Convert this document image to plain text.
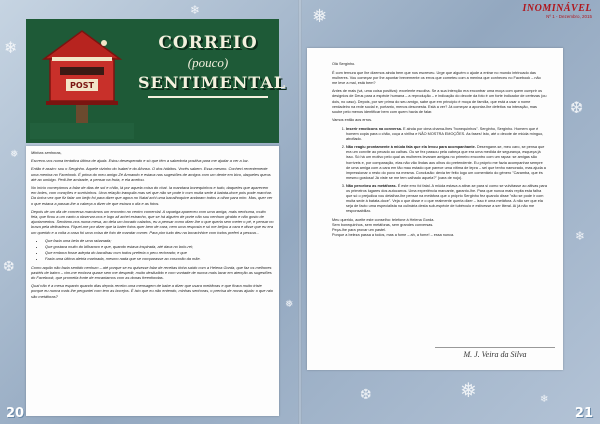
❄
❅
❆
❄	❅
❆
❄
❅
❆	❄
❅
INOMINÁVEL
Nº 1 - Dezembro, 2015
POST
CORREIO
(pouco)
SENTIMENTAL

Minhas senhoras,

Escrevo-vos numa tentativa última de ajuda. Estou desesperado e só que têm a sabedoria positiva para me ajudar a ver a luz.

Então é assim: sou o Serginho. Aquele vizinho do Isabel e do Afonso. O dos hábitos. Vocês sabem. Essa mesmo. Conheci recentemente uma menina no Facebook. É prima do meu amigo Zé Armando e estava nas sugestões de amigos com um dente em bico, daqueles queus até ao umbigo. Pedi-lhe amizade, a pensar na fruta, e ela aceitou.

No início começámos a falar de dias de sol e chão, lá por aquela coisa do chat. Ia mandava bonequinhos e tudo, daqueles que aparecem em boles, com corações e sorrisinhos. Uma relação tranquila mas sei que não se pode ir com muita sede à batata-doce pois pode marchar. Da única vez que fiz falar um beijo foi para dizer que agora no Natal achi uma bacalhoquice andaram todos a olhar para mim. Mas, quer ver o que estava a passar-lhe a cabeça a dizer de que estava o dia e as fotos.

Depois de um dia de conversa marcámos um encontro no centro comercial. A rapariga apareceu com uma amiga, mais nenhuma, muito feia, que ficou a um canto a observar-nos e logo ali achei estranho, que se há alguém de porte não sou nenhum giraldo e não gosto de ajuntamentos. Sentámo-nos numa mesa, ao dela um bocado calados, eu a pensar como dizer-lhe o que queria sem meter o pé, e pensar no brava pela delicadeza. Fiquei-me por dizer que ia bater fotos quer bem de cara, nem uma resposta e só me beijou a cara e disse que eu era um querido e a volta a casa foi uma coisa de foto de mandar comer. Para pior tudo deu na bocarinhice com todos preferi a pessoa...

• Que fazia uma bela de uma rabanada;
• Que gostava muito do bilharaco e que, quando estava inspirada, até dava no bolo-rei;
• Que embora fosse adepta do bacalhau com todos preferia o peru recheado; e que
• Fazia uma última aletria marinada, mesmo nada que se comparasse ao coscorão da mãe.

Como aquilo não fazia sentido nenhum – até porque se eu quisesse falar de receitas tinha saído com a Helena Gorda, que faz os melhores pastéis de bairro – vim-me embora quase sem me despedir, muito desiludido e com vontade de nunca mais lavar em atenção as sugestões do Facebook, que prometia fonte de encantamos com as donas freenfondas.

Qual não é a mesa espanto quando dias depois recebo uma mensagem de babe a dizer que usara metáforas e que ficara muito triste porque eu nunca mais lhe perguntei com tem as bocejos. É isto que eu não entendo, minhas senhoras, o precisa de novas ajuda: o que raio são metáforas?

Olá Serginho.

É com ternura que lhe dizemos ainda bem que nos escreveu. Urge que alguém o ajude a entrar no mundo intrincado das mulheres. Vou começar por lhe apontar brevemente os erros que cometeu com a menina que conheceu no Facebook – não me leve a mal, está bem?

Antes de mais (vá, uma coisa positiva): excelente escolha. Se a sua intenção era encontrar uma moça com quem cumprir os desígnios de Deus para a espécie humana – a reprodução – e indicação do decote da foto é um forte indicador de certezas (ou dois, no caso). Depois, por ser prima do seu amigo, sabe que em princípio é moça de família, que está a usar o nome verdadeiro na rede social e, portanto, menos desonesta. Está a ver? Já começar a apontar-lhe defeitos na interação, mas soube pelo menos identificar bem com quem havia de falar.

Vamos então aos erros.

1. Inserir emoticons na conversa. E ainda por cima chama-lhes "bonequinhos". Serginho, Serginho. Homem que é homem copia para o chão, coça a virilha e NÃO MOSTRA EMOÇÕES. As fases! Isto, até o decote de miúda mínguo, atrofiado.
2. Não reagiu prontamente à miúda fala que ela levou para acompanhante. Desengane-se, meu caro, se pensa que era um convite ao pecado ao calhas. Ou se fez passou pela cabeça que era uma medida de segurança, esqueça já isso. Só há um motivo pelo qual as mulheres levaram amigas no primeiro encontro com um rapaz: se amigas são horríveis e, por comparação, elas não vão lindas aos olhos do pretendente. Eu próprio me fazia acompanhar sempre de uma amiga com a cara em tão mau estado que parece uma vítima de lepra – sei que tenho namorado, mas ajuda a impressionar o resto do povo na mesma. Conclusão: devia ter feito logo um comentário do género "Caramba, que és mesmo gostosa! Já viste se me tem calhado aquela?" (cara de nojo).
3. Não percebeu as metáforas. É este erro foi fatal. A miúda estava a atirar-se para si como se vulvitasse ao altivas para os primeiros lugares dos autocarros. Uma experiência marcante, garanto-lhe. Para que nunca mais repita esta falha que só o prejudica vou detalhar-lhe pensar na metáfora que o próprio Serginho fez quando disse "não se pode ir com muita sede à batata-doce". Veja o que disse e o que realmente queria dizer – isso é uma metáfora. A não ser que ela seja de facto uma especialista na culinária desta sub-espécie de tubérculo e estivesse a ser literal. Aí já não me responsabilizo.

Meu querido, aceite este conselho: telefone à Helena Gorda.

Sem bonequinhos, sem metáforas, sem grandes conversas.

Peça-lhe para provar um pastel.

Porque a beleza passa a todos, mas a fome – ah, a fome! – essa nunca.

M. J. Veira da Silva
20	21
